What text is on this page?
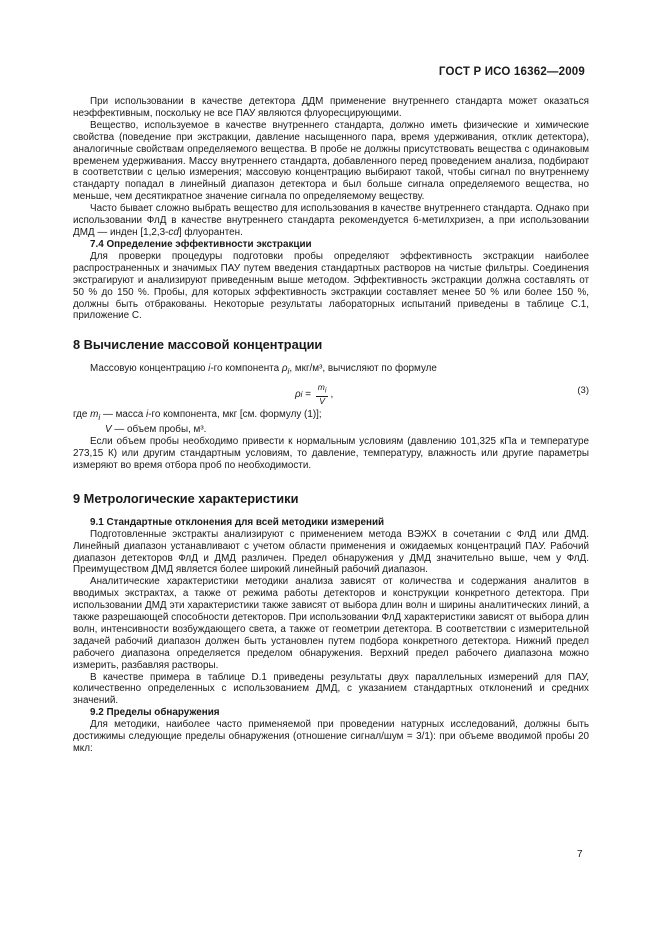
ГОСТ Р ИСО 16362—2009

При использовании в качестве детектора ДДМ применение внутреннего стандарта может оказаться неэффективным, поскольку не все ПАУ являются флуоресцирующими.

Вещество, используемое в качестве внутреннего стандарта, должно иметь физические и химические свойства (поведение при экстракции, давление насыщенного пара, время удерживания, отклик детектора), аналогичные свойствам определяемого вещества. В пробе не должны присутствовать вещества с одинаковым временем удерживания. Массу внутреннего стандарта, добавленного перед проведением анализа, подбирают в соответствии с целью измерения; массовую концентрацию выбирают такой, чтобы сигнал по внутреннему стандарту попадал в линейный диапазон детектора и был больше сигнала определяемого вещества, но меньше, чем десятикратное значение сигнала по определяемому веществу.

Часто бывает сложно выбрать вещество для использования в качестве внутреннего стандарта. Однако при использовании ФлД в качестве внутреннего стандарта рекомендуется 6-метилхризен, а при использовании ДМД — инден [1,2,3-cd] флуорантен.

7.4 Определение эффективности экстракции

Для проверки процедуры подготовки пробы определяют эффективность экстракции наиболее распространенных и значимых ПАУ путем введения стандартных растворов на чистые фильтры. Соединения экстрагируют и анализируют приведенным выше методом. Эффективность экстракции должна составлять от 50 % до 150 %. Пробы, для которых эффективность экстракции составляет менее 50 % или более 150 %, должны быть отбракованы. Некоторые результаты лабораторных испытаний приведены в таблице С.1, приложение С.

8 Вычисление массовой концентрации

Массовую концентрацию i-го компонента $\rho_i$, мкг/м³, вычисляют по формуле

ρ $i = \frac{m_i}{V}$ ,	(3)

где $m_i$ — масса i-го компонента, мкг [см. формулу (1)];

V — объем пробы, м³.

Если объем пробы необходимо привести к нормальным условиям (давлению 101,325 кПа и температуре 273,15 К) или другим стандартным условиям, то давление, температуру, влажность или другие параметры измеряют во время отбора проб по необходимости.

9 Метрологические характеристики
9.1 Стандартные отклонения для всей методики измерений

Подготовленные экстракты анализируют с применением метода ВЭЖХ в сочетании с ФлД или ДМД. Линейный диапазон устанавливают с учетом области применения и ожидаемых концентраций ПАУ. Рабочий диапазон детекторов ФлД и ДМД различен. Предел обнаружения у ДМД значительно выше, чем у ФлД. Преимуществом ДМД является более широкий линейный рабочий диапазон.

Аналитические характеристики методики анализа зависят от количества и содержания аналитов в вводимых экстрактах, а также от режима работы детекторов и конструкции конкретного детектора. При использовании ДМД эти характеристики также зависят от выбора длин волн и ширины аналитических линий, а также разрешающей способности детекторов. При использовании ФлД характеристики зависят от выбора длин волн, интенсивности возбуждающего света, а также от геометрии детектора. В соответствии с измерительной задачей рабочий диапазон должен быть установлен путем подбора конкретного детектора. Нижний предел рабочего диапазона определяется пределом обнаружения. Верхний предел рабочего диапазона можно измерить, разбавляя растворы.

В качестве примера в таблице D.1 приведены результаты двух параллельных измерений для ПАУ, количественно определенных с использованием ДМД, с указанием стандартных отклонений и средних значений.

9.2 Пределы обнаружения

Для методики, наиболее часто применяемой при проведении натурных исследований, должны быть достижимы следующие пределы обнаружения (отношение сигнал/шум = 3/1): при объеме вводимой пробы 20 мкл:

7
